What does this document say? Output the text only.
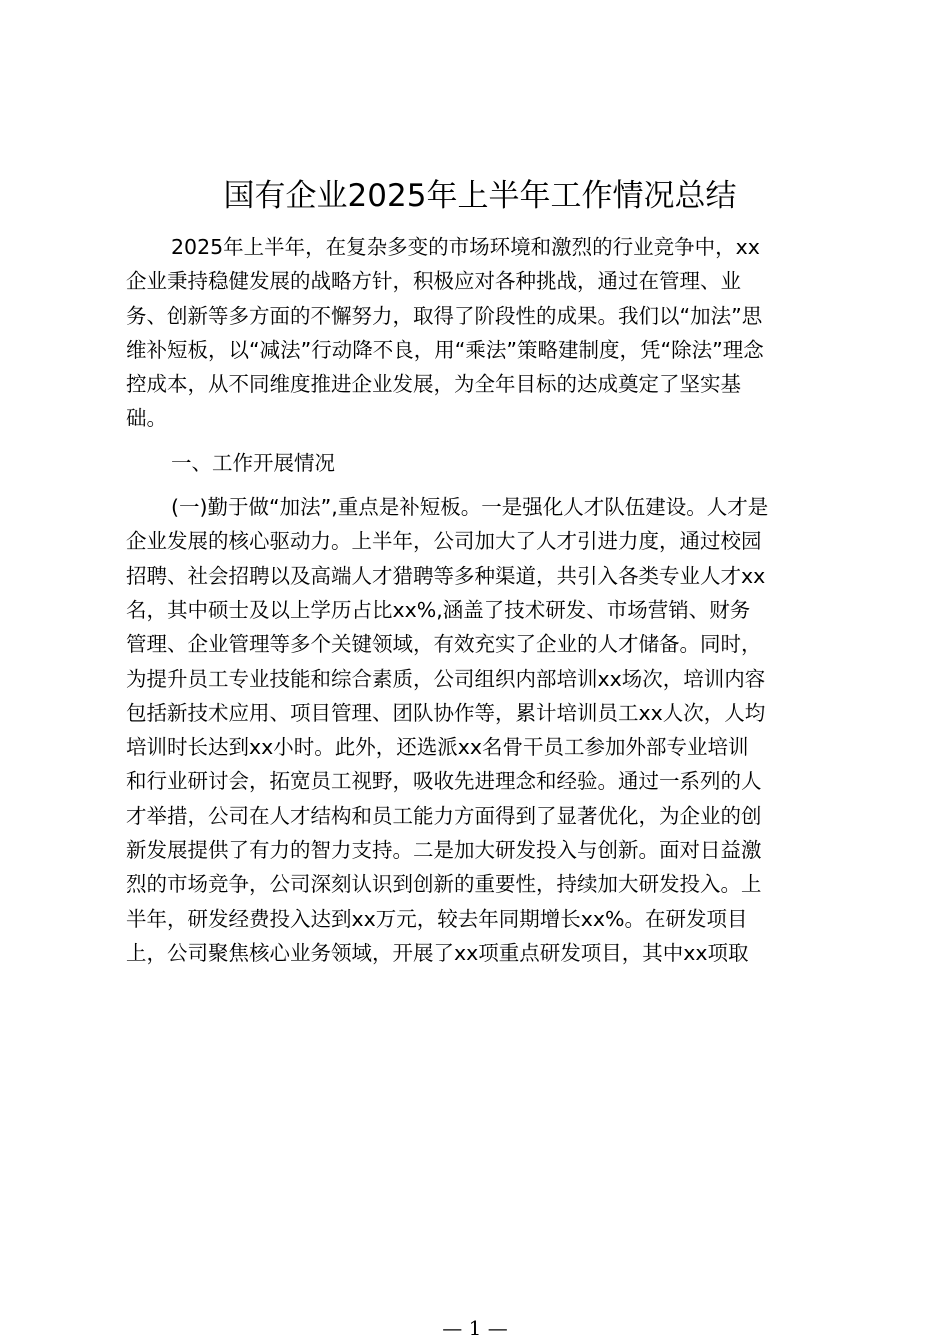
国有企业2025年上半年工作情况总结
2025年上半年，在复杂多变的市场环境和激烈的行业竞争中，xx
企业秉持稳健发展的战略方针，积极应对各种挑战，通过在管理、业
务、创新等多方面的不懈努力，取得了阶段性的成果。我们以“加法”思
维补短板，以“减法”行动降不良，用“乘法”策略建制度，凭“除法”理念
控成本，从不同维度推进企业发展，为全年目标的达成奠定了坚实基
础。
一、工作开展情况
(一)勤于做“加法”,重点是补短板。一是强化人才队伍建设。人才是
企业发展的核心驱动力。上半年，公司加大了人才引进力度，通过校园
招聘、社会招聘以及高端人才猎聘等多种渠道，共引入各类专业人才xx
名，其中硕士及以上学历占比xx%,涵盖了技术研发、市场营销、财务
管理、企业管理等多个关键领域，有效充实了企业的人才储备。同时，
为提升员工专业技能和综合素质，公司组织内部培训xx场次，培训内容
包括新技术应用、项目管理、团队协作等，累计培训员工xx人次，人均
培训时长达到xx小时。此外，还选派xx名骨干员工参加外部专业培训
和行业研讨会，拓宽员工视野，吸收先进理念和经验。通过一系列的人
才举措，公司在人才结构和员工能力方面得到了显著优化，为企业的创
新发展提供了有力的智力支持。二是加大研发投入与创新。面对日益激
烈的市场竞争，公司深刻认识到创新的重要性，持续加大研发投入。上
半年，研发经费投入达到xx万元，较去年同期增长xx%。在研发项目
上，公司聚焦核心业务领域，开展了xx项重点研发项目，其中xx项取
— 1 —
